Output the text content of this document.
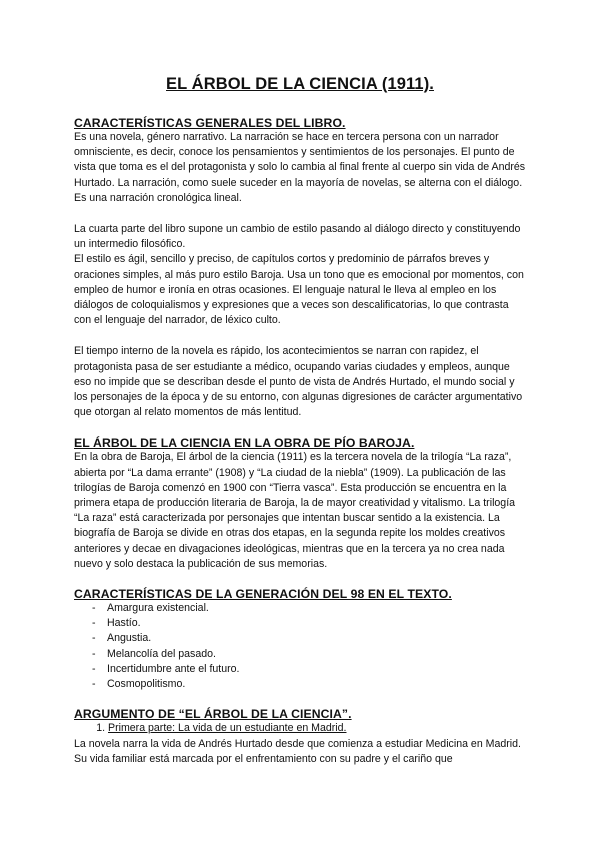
EL ÁRBOL DE LA CIENCIA (1911).
CARACTERÍSTICAS GENERALES DEL LIBRO.

Es una novela, género narrativo. La narración se hace en tercera persona con un narrador omnisciente, es decir, conoce los pensamientos y sentimientos de los personajes. El punto de vista que toma es el del protagonista y solo lo cambia al final frente al cuerpo sin vida de Andrés Hurtado. La narración, como suele suceder en la mayoría de novelas, se alterna con el diálogo. Es una narración cronológica lineal.

La cuarta parte del libro supone un cambio de estilo pasando al diálogo directo y constituyendo un intermedio filosófico.

El estilo es ágil, sencillo y preciso, de capítulos cortos y predominio de párrafos breves y oraciones simples, al más puro estilo Baroja. Usa un tono que es emocional por momentos, con empleo de humor e ironía en otras ocasiones. El lenguaje natural le lleva al empleo en los diálogos de coloquialismos y expresiones que a veces son descalificatorias, lo que contrasta con el lenguaje del narrador, de léxico culto.

El tiempo interno de la novela es rápido, los acontecimientos se narran con rapidez, el protagonista pasa de ser estudiante a médico, ocupando varias ciudades y empleos, aunque eso no impide que se describan desde el punto de vista de Andrés Hurtado, el mundo social y los personajes de la época y de su entorno, con algunas digresiones de carácter argumentativo que otorgan al relato momentos de más lentitud.

EL ÁRBOL DE LA CIENCIA EN LA OBRA DE PÍO BAROJA.

En la obra de Baroja, El árbol de la ciencia (1911) es la tercera novela de la trilogía “La raza”, abierta por “La dama errante” (1908) y “La ciudad de la niebla” (1909). La publicación de las trilogías de Baroja comenzó en 1900 con “Tierra vasca”. Esta producción se encuentra en la primera etapa de producción literaria de Baroja, la de mayor creatividad y vitalismo. La trilogía “La raza” está caracterizada por personajes que intentan buscar sentido a la existencia. La biografía de Baroja se divide en otras dos etapas, en la segunda repite los moldes creativos anteriores y decae en divagaciones ideológicas, mientras que en la tercera ya no crea nada nuevo y solo destaca la publicación de sus memorias.

CARACTERÍSTICAS DE LA GENERACIÓN DEL 98 EN EL TEXTO.
- Amargura existencial.
- Hastío.
- Angustia.
- Melancolía del pasado.
- Incertidumbre ante el futuro.
- Cosmopolitismo.
ARGUMENTO DE “EL ÁRBOL DE LA CIENCIA”.
1. Primera parte: La vida de un estudiante en Madrid.

La novela narra la vida de Andrés Hurtado desde que comienza a estudiar Medicina en Madrid. Su vida familiar está marcada por el enfrentamiento con su padre y el cariño que
